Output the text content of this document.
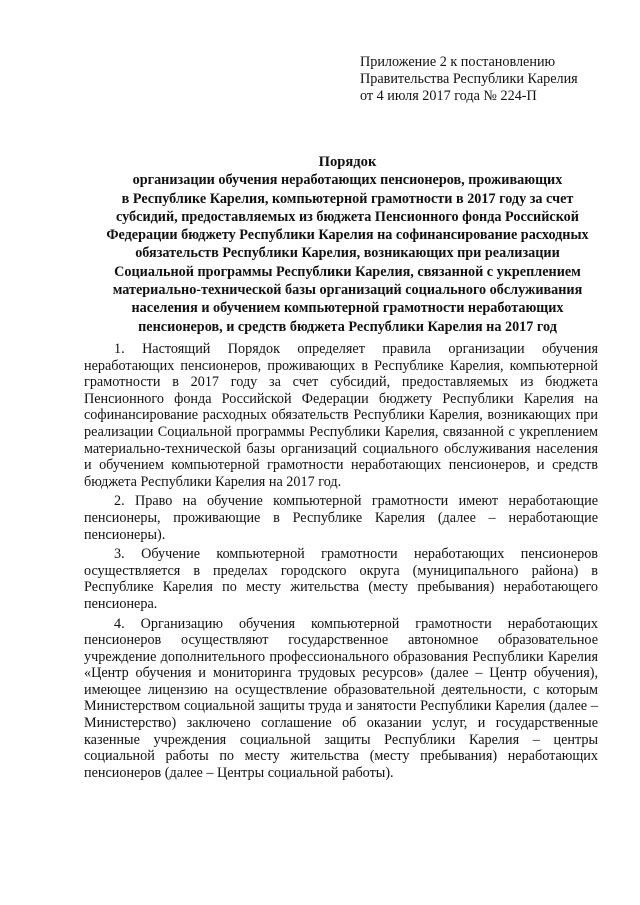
Приложение 2 к постановлению
Правительства Республики Карелия
от 4 июля 2017 года № 224-П
Порядок
организации обучения неработающих пенсионеров, проживающих
в Республике Карелия, компьютерной грамотности в 2017 году за счет
субсидий, предоставляемых из бюджета Пенсионного фонда Российской
Федерации бюджету Республики Карелия на софинансирование расходных
обязательств Республики Карелия, возникающих при реализации
Социальной программы Республики Карелия, связанной с укреплением
материально-технической базы организаций социального обслуживания
населения и обучением компьютерной грамотности неработающих
пенсионеров, и средств бюджета Республики Карелия на 2017 год

1. Настоящий Порядок определяет правила организации обучения неработающих пенсионеров, проживающих в Республике Карелия, компьютерной грамотности в 2017 году за счет субсидий, предоставляемых из бюджета Пенсионного фонда Российской Федерации бюджету Республики Карелия на софинансирование расходных обязательств Республики Карелия, возникающих при реализации Социальной программы Республики Карелия, связанной с укреплением материально-технической базы организаций социального обслуживания населения и обучением компьютерной грамотности неработающих пенсионеров, и средств бюджета Республики Карелия на 2017 год.

2. Право на обучение компьютерной грамотности имеют неработающие пенсионеры, проживающие в Республике Карелия (далее – неработающие пенсионеры).

3. Обучение компьютерной грамотности неработающих пенсионеров осуществляется в пределах городского округа (муниципального района) в Республике Карелия по месту жительства (месту пребывания) неработающего пенсионера.

4. Организацию обучения компьютерной грамотности неработающих пенсионеров осуществляют государственное автономное образовательное учреждение дополнительного профессионального образования Республики Карелия «Центр обучения и мониторинга трудовых ресурсов» (далее – Центр обучения), имеющее лицензию на осуществление образовательной деятельности, с которым Министерством социальной защиты труда и занятости Республики Карелия (далее – Министерство) заключено соглашение об оказании услуг, и государственные казенные учреждения социальной защиты Республики Карелия – центры социальной работы по месту жительства (месту пребывания) неработающих пенсионеров (далее – Центры социальной работы).
